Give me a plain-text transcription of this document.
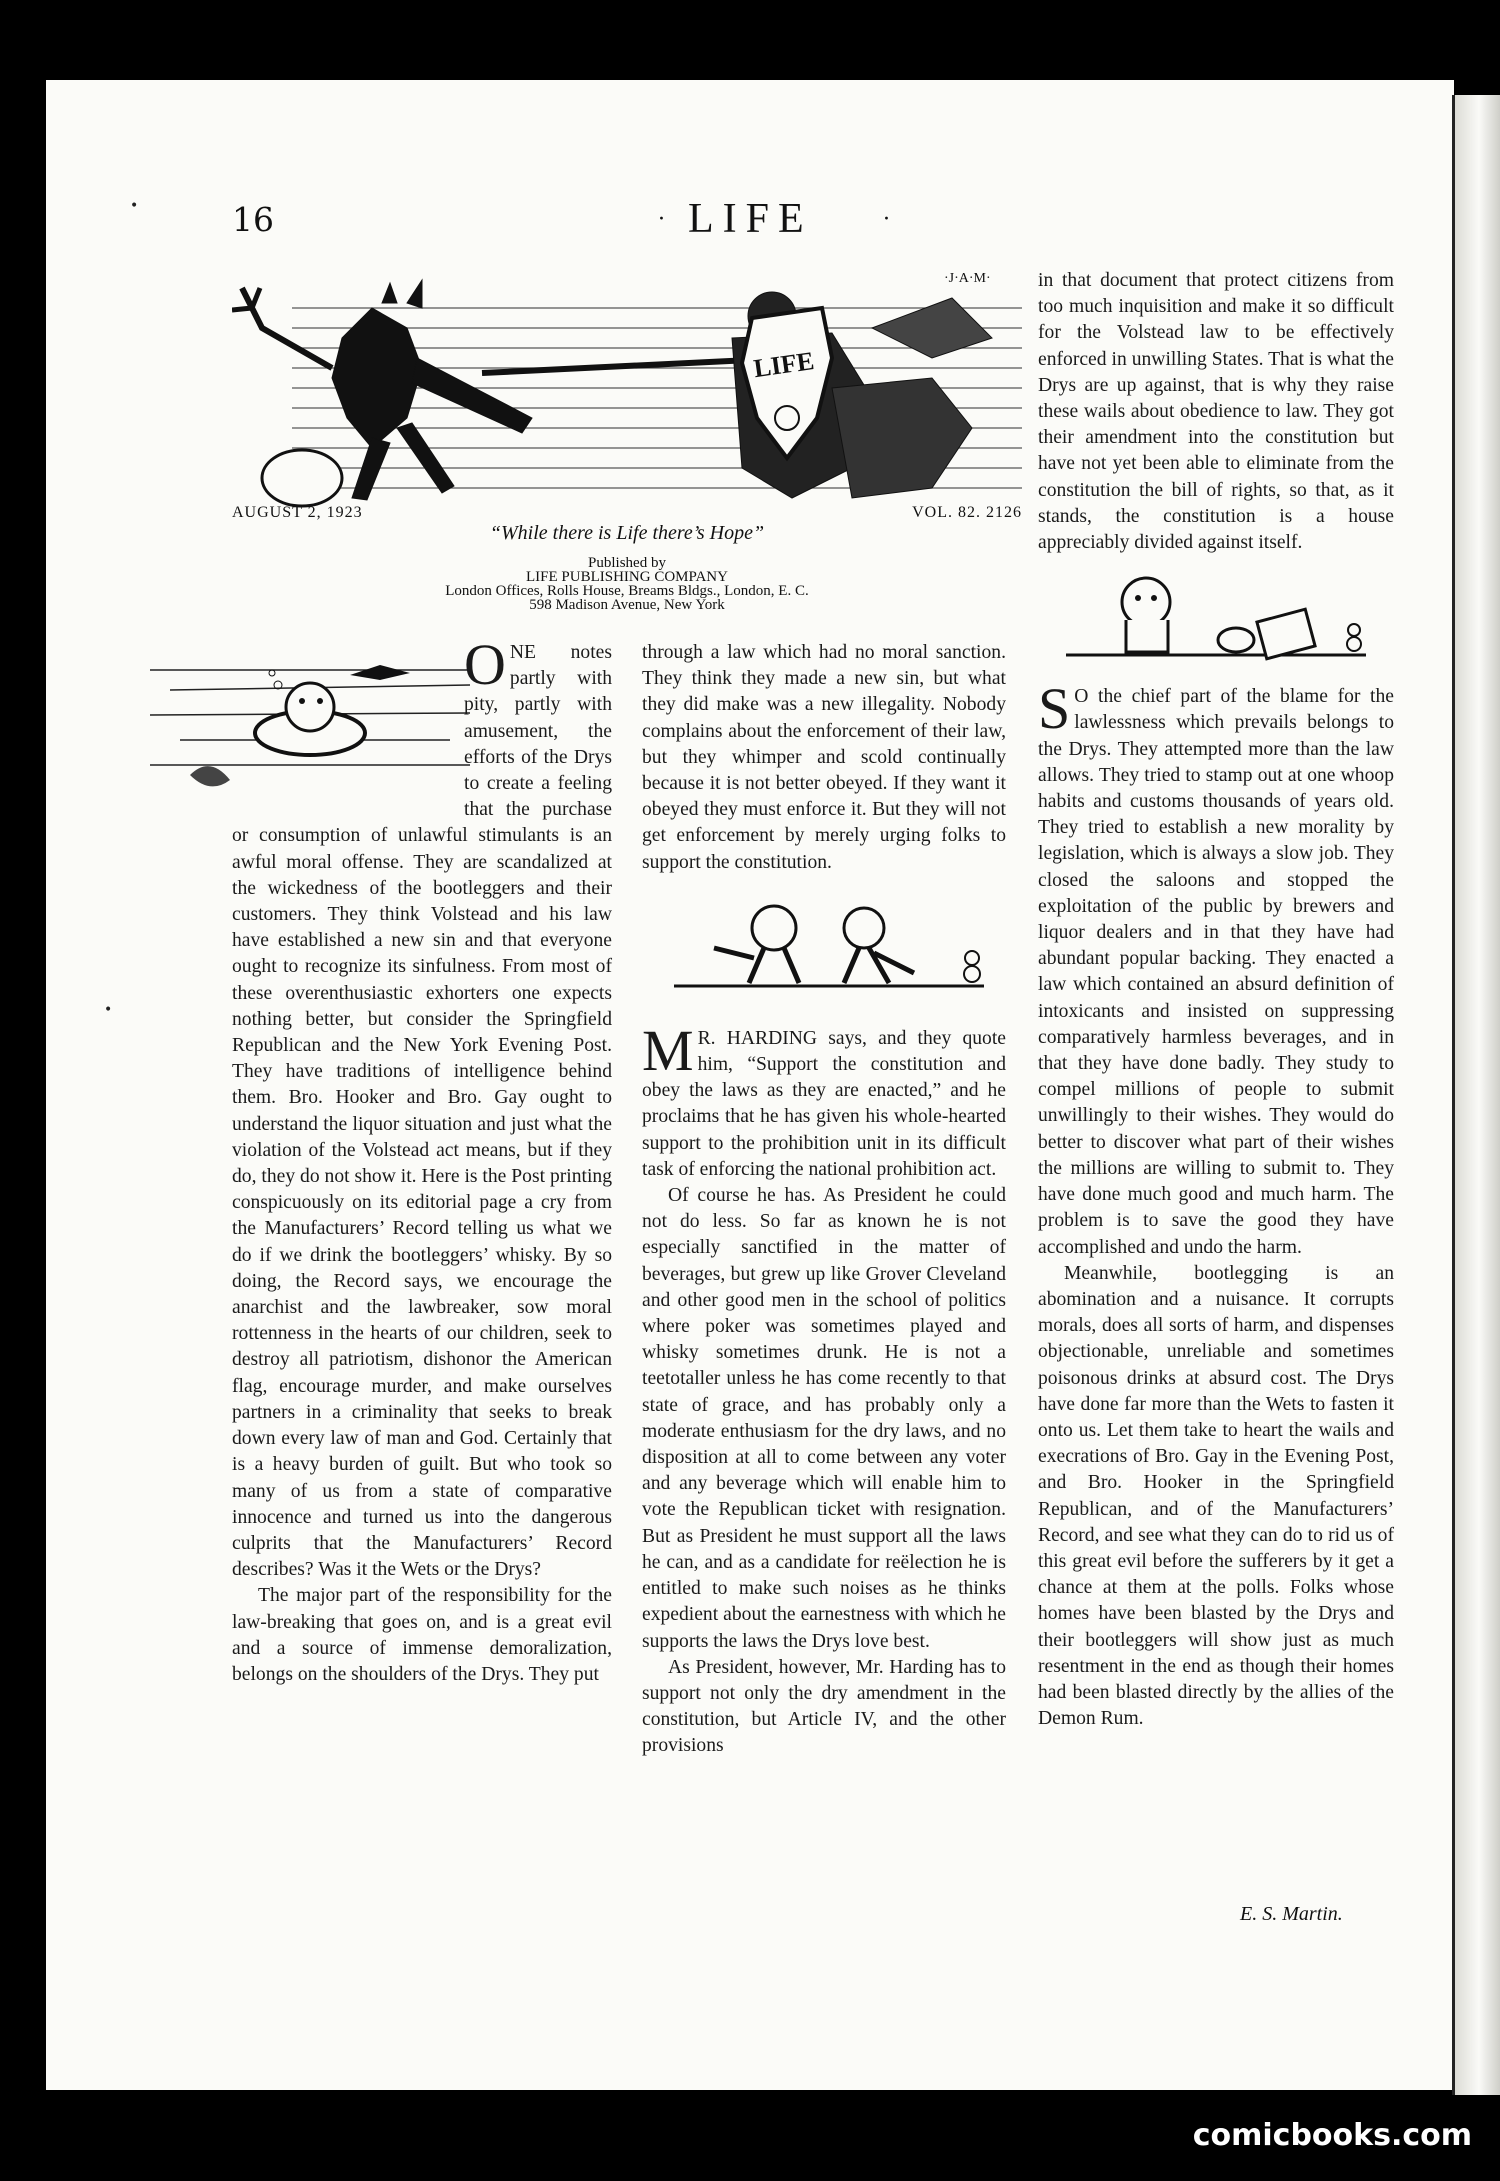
•
•
16	· LIFE	·
LIFE
·J·A·M·
AUGUST 2, 1923	VOL. 82. 2126
“While there is Life there’s Hope”
Published by
LIFE PUBLISHING COMPANY
London Offices, Rolls House, Breams Bldgs., London, E. C.
598 Madison Avenue, New York

ONE notes partly with pity, partly with amusement, the efforts of the Drys to create a feeling that the purchase or consumption of unlawful stimulants is an awful moral offense. They are scandalized at the wickedness of the bootleggers and their customers. They think Volstead and his law have established a new sin and that everyone ought to recognize its sinfulness. From most of these overenthusiastic exhorters one expects nothing better, but consider the Springfield Republican and the New York Evening Post. They have traditions of intelligence behind them. Bro. Hooker and Bro. Gay ought to understand the liquor situation and just what the violation of the Volstead act means, but if they do, they do not show it. Here is the Post printing conspicuously on its editorial page a cry from the Manufacturers’ Record telling us what we do if we drink the bootleggers’ whisky. By so doing, the Record says, we encourage the anarchist and the lawbreaker, sow moral rottenness in the hearts of our children, seek to destroy all patriotism, dishonor the American flag, encourage murder, and make ourselves partners in a criminality that seeks to break down every law of man and God. Certainly that is a heavy burden of guilt. But who took so many of us from a state of comparative innocence and turned us into the dangerous culprits that the Manufacturers’ Record describes? Was it the Wets or the Drys?

The major part of the responsibility for the law-breaking that goes on, and is a great evil and a source of immense demoralization, belongs on the shoulders of the Drys. They put

through a law which had no moral sanction. They think they made a new sin, but what they did make was a new illegality. Nobody complains about the enforcement of their law, but they whimper and scold continually because it is not better obeyed. If they want it obeyed they must enforce it. But they will not get enforcement by merely urging folks to support the constitution.

M R. HARDING says, and they quote him, “Support the constitution and obey the laws as they are enacted,” and he proclaims that he has given his whole-hearted support to the prohibition unit in its difficult task of enforcing the national prohibition act.

Of course he has. As President he could not do less. So far as known he is not especially sanctified in the matter of beverages, but grew up like Grover Cleveland and other good men in the school of politics where poker was sometimes played and whisky sometimes drunk. He is not a teetotaller unless he has come recently to that state of grace, and has probably only a moderate enthusiasm for the dry laws, and no disposition at all to come between any voter and any beverage which will enable him to vote the Republican ticket with resignation. But as President he must support all the laws he can, and as a candidate for reëlection he is entitled to make such noises as he thinks expedient about the earnestness with which he supports the laws the Drys love best.

As President, however, Mr. Harding has to support not only the dry amendment in the constitution, but Article IV, and the other provisions

in that document that protect citizens from too much inquisition and make it so difficult for the Volstead law to be effectively enforced in unwilling States. That is what the Drys are up against, that is why they raise these wails about obedience to law. They got their amendment into the constitution but have not yet been able to eliminate from the constitution the bill of rights, so that, as it stands, the constitution is a house appreciably divided against itself.

S O the chief part of the blame for the lawlessness which prevails belongs to the Drys. They attempted more than the law allows. They tried to stamp out at one whoop habits and customs thousands of years old. They tried to establish a new morality by legislation, which is always a slow job. They closed the saloons and stopped the exploitation of the public by brewers and liquor dealers and in that they have had abundant popular backing. They enacted a law which contained an absurd definition of intoxicants and insisted on suppressing comparatively harmless beverages, and in that they have done badly. They study to compel millions of people to submit unwillingly to their wishes. They would do better to discover what part of their wishes the millions are willing to submit to. They have done much good and much harm. The problem is to save the good they have accomplished and undo the harm.

Meanwhile, bootlegging is an abomination and a nuisance. It corrupts morals, does all sorts of harm, and dispenses objectionable, unreliable and sometimes poisonous drinks at absurd cost. The Drys have done far more than the Wets to fasten it onto us. Let them take to heart the wails and execrations of Bro. Gay in the Evening Post, and Bro. Hooker in the Springfield Republican, and of the Manufacturers’ Record, and see what they can do to rid us of this great evil before the sufferers by it get a chance at them at the polls. Folks whose homes have been blasted by the Drys and their bootleggers will show just as much resentment in the end as though their homes had been blasted directly by the allies of the Demon Rum.

E. S. Martin.
comicbooks.com
